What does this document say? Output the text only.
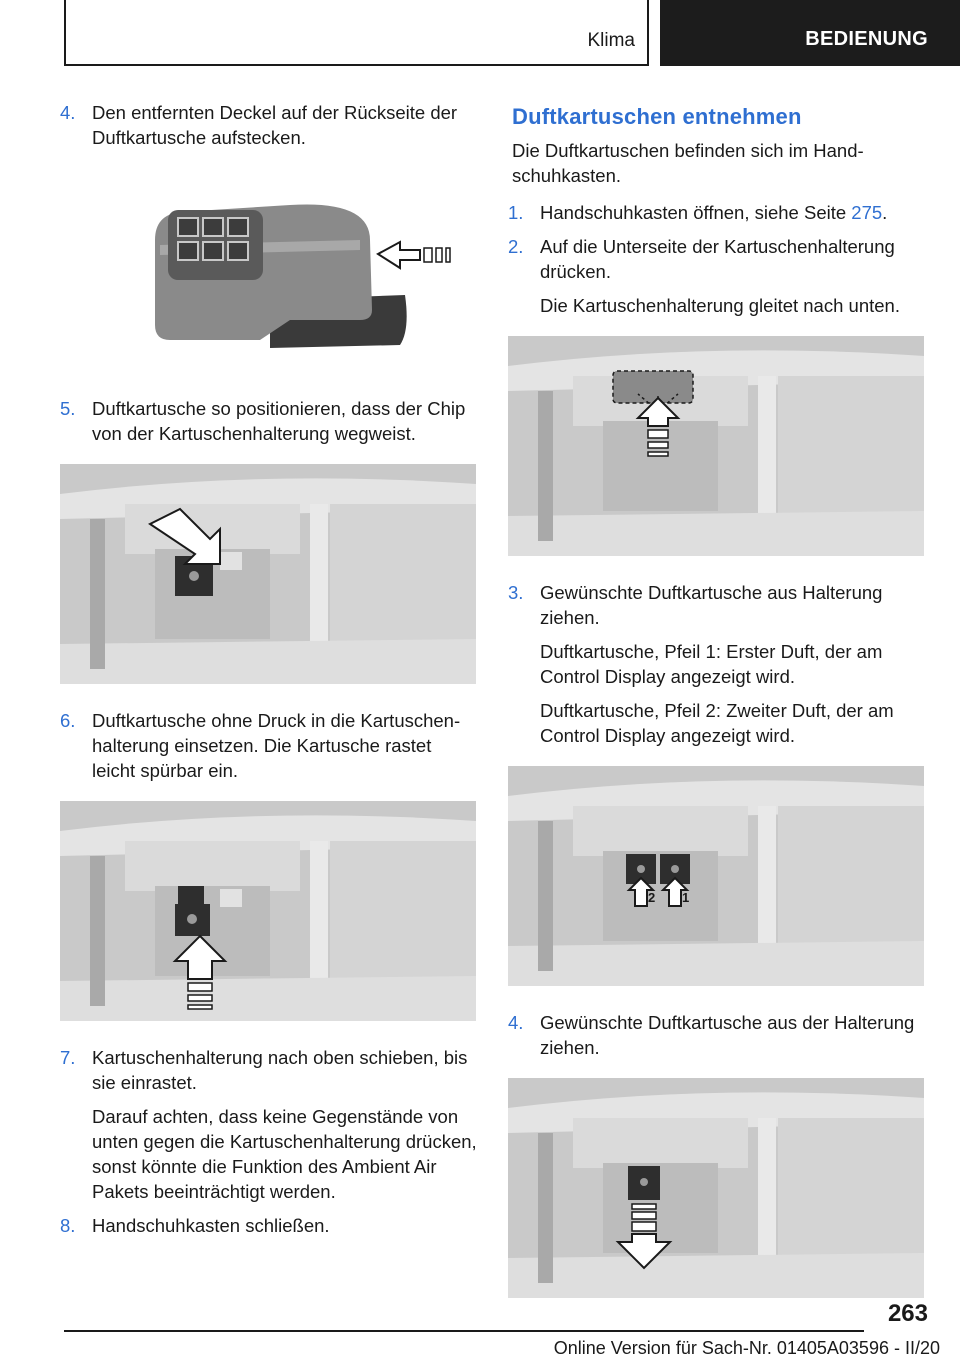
Klima	BEDIENUNG
4. Den entfernten Deckel auf der Rückseite der Duftkartusche aufstecken.

5. Duftkartusche so positionieren, dass der Chip von der Kartuschenhalterung wegweist.

6. Duftkartusche ohne Druck in die Kartuschenhalterung einsetzen. Die Kartusche rastet leicht spürbar ein.

7. Kartuschenhalterung nach oben schieben, bis sie einrastet.

Darauf achten, dass keine Gegenstände von unten gegen die Kartuschenhalterung drücken, sonst könnte die Funktion des Ambient Air Pakets beeinträchtigt werden.

8. Handschuhkasten schließen.

Duftkartuschen entnehmen

Die Duftkartuschen befinden sich im Handschuhkasten.

1. Handschuhkasten öffnen, siehe Seite 275.

2. Auf die Unterseite der Kartuschenhalterung drücken.

Die Kartuschenhalterung gleitet nach unten.

3. Gewünschte Duftkartusche aus Halterung ziehen.

Duftkartusche, Pfeil 1: Erster Duft, der am Control Display angezeigt wird.

Duftkartusche, Pfeil 2: Zweiter Duft, der am Control Display angezeigt wird.

2 1
4. Gewünschte Duftkartusche aus der Halterung ziehen.

263
Online Version für Sach-Nr. 01405A03596 - II/20
